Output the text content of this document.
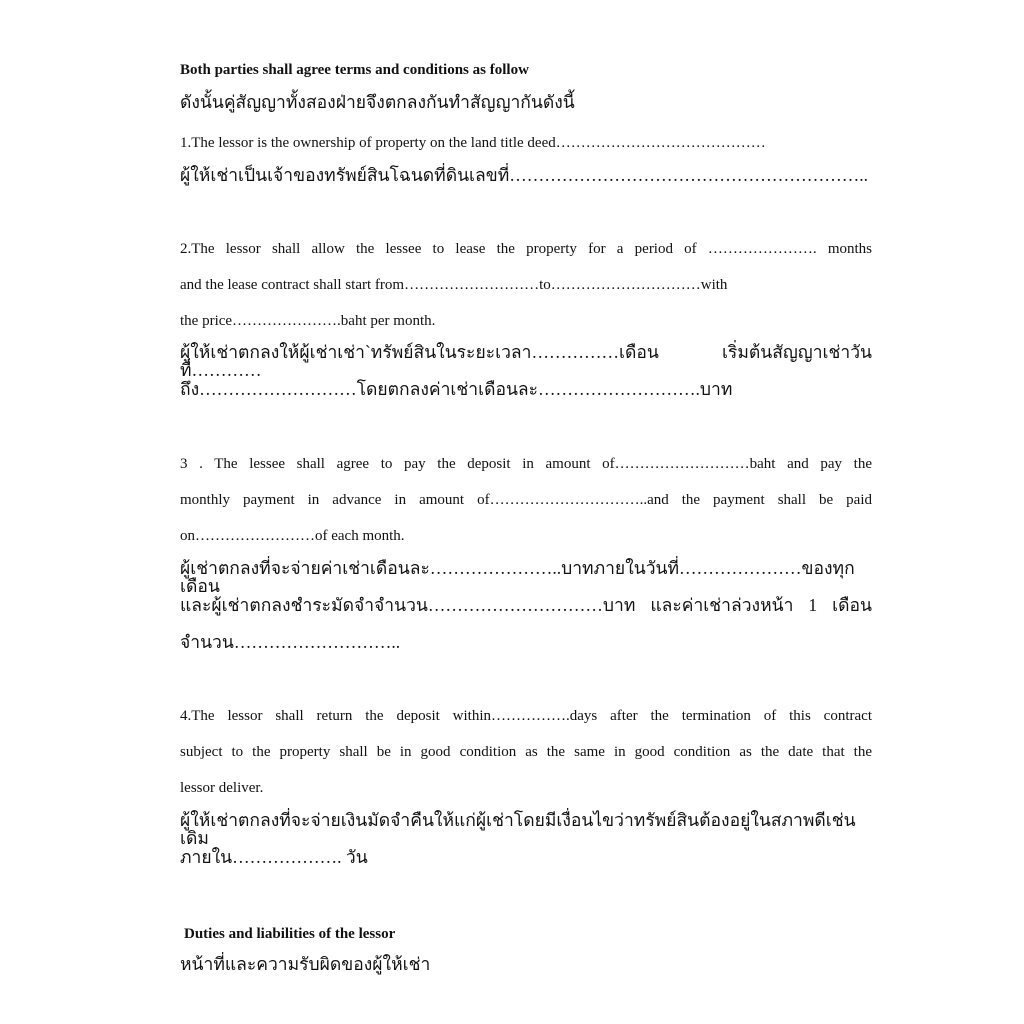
Both parties shall agree terms and conditions as follow
ดังนั้นคู่สัญญาทั้งสองฝ่ายจึงตกลงกันทำสัญญากันดังนี้
1.The lessor is the ownership of property on the land title deed……………………………………
ผู้ให้เช่าเป็นเจ้าของทรัพย์สินโฉนดที่ดินเลขที่……………………………………………………..
2.The lessor shall allow the lessee to lease the property for a period of …………………. months
and the lease contract shall start from………………………to…………………………with
the price………………….baht per month.
ผู้ให้เช่าตกลงให้ผู้เช่าเช่า`ทรัพย์สินในระยะเวลา……………เดือน เริ่มต้นสัญญาเช่าวันที่…………
ถึง………………………โดยตกลงค่าเช่าเดือนละ……………………….บาท
3 . The lessee shall agree to pay the deposit in amount of………………………baht and pay the
monthly payment in advance in amount of…………………………..and the payment shall be paid
on……………………of each month.
ผู้เช่าตกลงที่จะจ่ายค่าเช่าเดือนละ…………………..บาทภายในวันที่…………………ของทุกเดือน
และผู้เช่าตกลงชำระมัดจำจำนวน…………………………บาท และค่าเช่าล่วงหน้า 1 เดือน
จำนวน………………………..
4.The lessor shall return the deposit within…………….days after the termination of this contract
subject to the property shall be in good condition as the same in good condition as the date that the
lessor deliver.
ผู้ให้เช่าตกลงที่จะจ่ายเงินมัดจำคืนให้แก่ผู้เช่าโดยมีเงื่อนไขว่าทรัพย์สินต้องอยู่ในสภาพดีเช่นเดิม
ภายใน………………. วัน
Duties and liabilities of the lessor
หน้าที่และความรับผิดของผู้ให้เช่า
